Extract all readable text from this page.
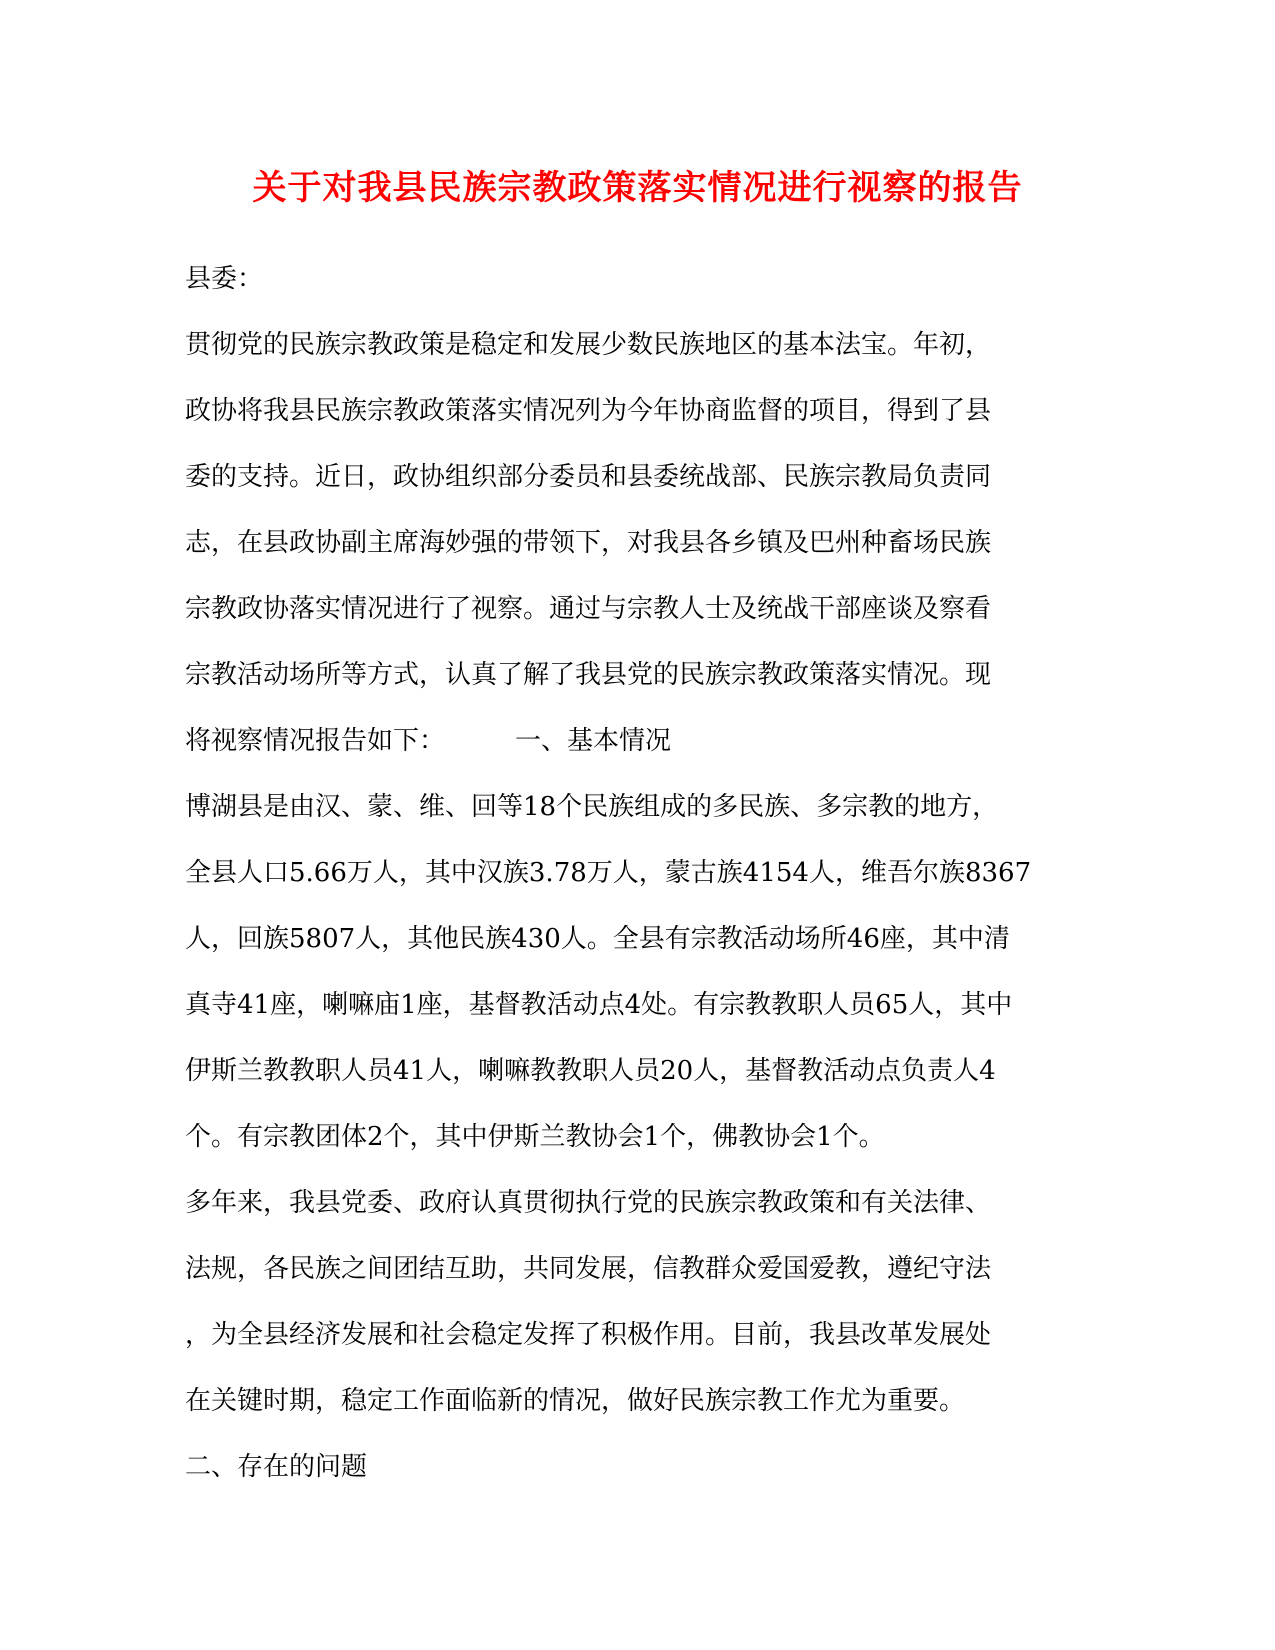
关于对我县民族宗教政策落实情况进行视察的报告
县委：
贯彻党的民族宗教政策是稳定和发展少数民族地区的基本法宝。年初，
政协将我县民族宗教政策落实情况列为今年协商监督的项目，得到了县
委的支持。近日，政协组织部分委员和县委统战部、民族宗教局负责同
志，在县政协副主席海妙强的带领下，对我县各乡镇及巴州种畜场民族
宗教政协落实情况进行了视察。通过与宗教人士及统战干部座谈及察看
宗教活动场所等方式，认真了解了我县党的民族宗教政策落实情况。现
将视察情况报告如下：	一、基本情况
博湖县是由汉、蒙、维、回等18个民族组成的多民族、多宗教的地方，
全县人口5.66万人，其中汉族3.78万人，蒙古族4154人，维吾尔族8367
人，回族5807人，其他民族430人。全县有宗教活动场所46座，其中清
真寺41座，喇嘛庙1座，基督教活动点4处。有宗教教职人员65人，其中
伊斯兰教教职人员41人，喇嘛教教职人员20人，基督教活动点负责人4
个。有宗教团体2个，其中伊斯兰教协会1个，佛教协会1个。
多年来，我县党委、政府认真贯彻执行党的民族宗教政策和有关法律、
法规，各民族之间团结互助，共同发展，信教群众爱国爱教，遵纪守法
，为全县经济发展和社会稳定发挥了积极作用。目前，我县改革发展处
在关键时期，稳定工作面临新的情况，做好民族宗教工作尤为重要。
二、存在的问题
